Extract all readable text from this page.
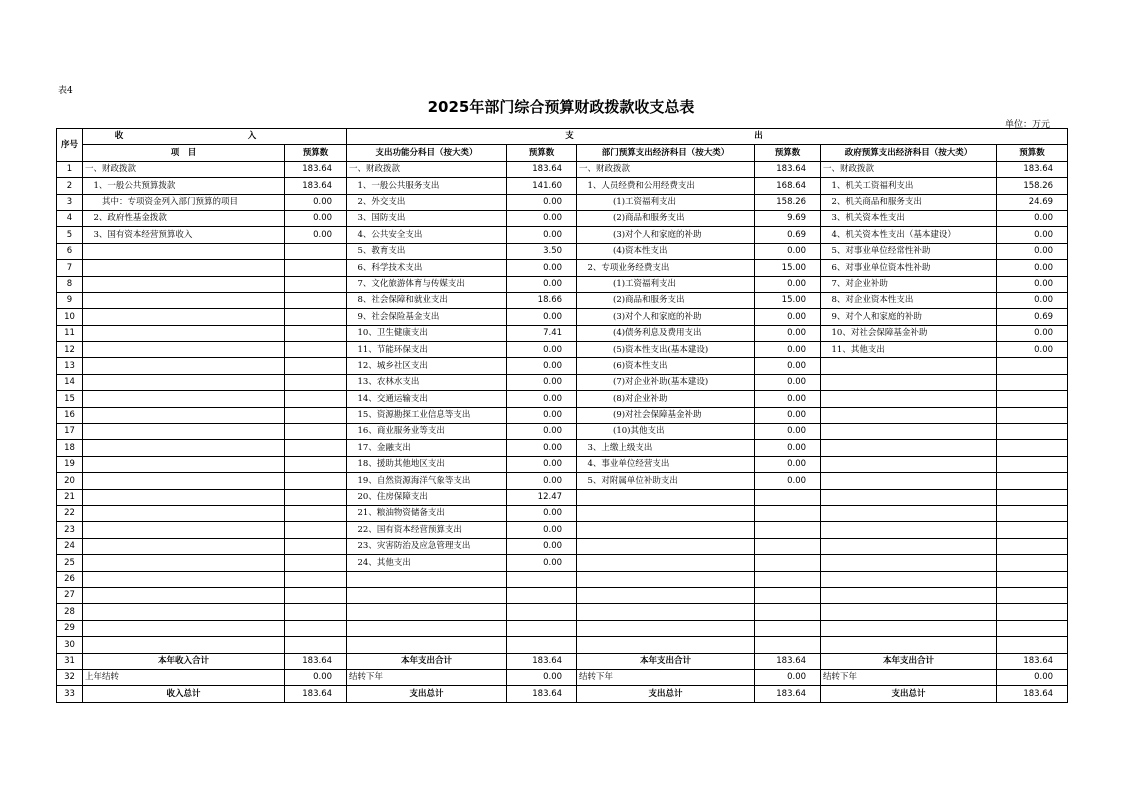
表4
2025年部门综合预算财政拨款收支总表
单位：万元
序号	收　入		支　出					
	项　目	预算数	支出功能分科目（按大类）	预算数	部门预算支出经济科目（按大类）	预算数	政府预算支出经济科目（按大类）	预算数
1	一、财政拨款	183.64	一、财政拨款	183.64	一、财政拨款	183.64	一、财政拨款	183.64
2	　1、一般公共预算拨款	183.64	　1、一般公共服务支出	141.60	　1、人员经费和公用经费支出	168.64	　1、机关工资福利支出	158.26
3	　　其中：专项资金列入部门预算的项目	0.00	　2、外交支出	0.00	　　　　(1)工资福利支出	158.26	　2、机关商品和服务支出	24.69
4	　2、政府性基金拨款	0.00	　3、国防支出	0.00	　　　　(2)商品和服务支出	9.69	　3、机关资本性支出	0.00
5	　3、国有资本经营预算收入	0.00	　4、公共安全支出	0.00	　　　　(3)对个人和家庭的补助	0.69	　4、机关资本性支出（基本建设）	0.00
6			　5、教育支出	3.50	　　　　(4)资本性支出	0.00	　5、对事业单位经常性补助	0.00
7			　6、科学技术支出	0.00	　2、专项业务经费支出	15.00	　6、对事业单位资本性补助	0.00
8			　7、文化旅游体育与传媒支出	0.00	　　　　(1)工资福利支出	0.00	　7、对企业补助	0.00
9			　8、社会保障和就业支出	18.66	　　　　(2)商品和服务支出	15.00	　8、对企业资本性支出	0.00
10			　9、社会保险基金支出	0.00	　　　　(3)对个人和家庭的补助	0.00	　9、对个人和家庭的补助	0.69
11			　10、卫生健康支出	7.41	　　　　(4)债务利息及费用支出	0.00	　10、对社会保障基金补助	0.00
12			　11、节能环保支出	0.00	　　　　(5)资本性支出(基本建设)	0.00	　11、其他支出	0.00
13			　12、城乡社区支出	0.00	　　　　(6)资本性支出	0.00		
14			　13、农林水支出	0.00	　　　　(7)对企业补助(基本建设)	0.00		
15			　14、交通运输支出	0.00	　　　　(8)对企业补助	0.00		
16			　15、资源勘探工业信息等支出	0.00	　　　　(9)对社会保障基金补助	0.00		
17			　16、商业服务业等支出	0.00	　　　　(10)其他支出	0.00		
18			　17、金融支出	0.00	　3、上缴上级支出	0.00		
19			　18、援助其他地区支出	0.00	　4、事业单位经营支出	0.00		
20			　19、自然资源海洋气象等支出	0.00	　5、对附属单位补助支出	0.00		
21			　20、住房保障支出	12.47				
22			　21、粮油物资储备支出	0.00				
23			　22、国有资本经营预算支出	0.00				
24			　23、灾害防治及应急管理支出	0.00				
25			　24、其他支出	0.00				
26								
27								
28								
29								
30								
31	本年收入合计	183.64	本年支出合计	183.64	本年支出合计	183.64	本年支出合计	183.64
32	上年结转	0.00	结转下年	0.00	结转下年	0.00	结转下年	0.00
33	收入总计	183.64	支出总计	183.64	支出总计	183.64	支出总计	183.64
